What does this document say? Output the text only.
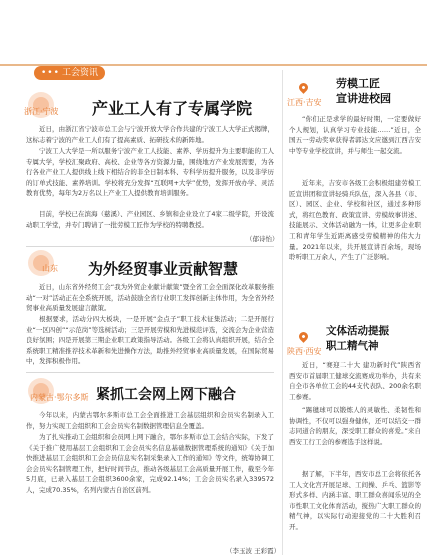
••• 工会资讯
浙江·宁波 产业工人有了专属学院
近日，由浙江省宁波市总工会与宁波开放大学合作共建的宁波工人大学正式揭牌，这标志着宁波的产业工人们有了提高素质、拓研技术的新阵地。
宁波工人大学是一所以服务宁波产业工人技能、素养、学历提升为主要职能的工人专属大学，学校汇聚政府、高校、企业等各方资源力量，围绕地方产业发展需要，为各行各业产业工人提供线上线下相结合的非全日制本科、专科学历提升服务，以及非学历的订单式技能、素养培训。学校将充分发挥“互联网+大学”优势，发挥开放办学、灵活教育优势，每年为2万名以上产业工人提供教育培训服务。
目前，学校已在滨海（慈溪）、产业园区、乡镇和企业设立了4家二级学院，开设流动职工学堂，并专门聘请了一批劳模工匠作为学校的特聘教授。
（郁诗怡）
山东 为外经贸事业贡献智慧
近日，山东省外经贸工会“我为外贸企业献计献策”暨全省工会全面深化改革服务推动“一对”活动正在全系统开展，活动鼓励全省行业职工发挥创新主体作用，为全省外经贸事业高质量发展建言献策。
根据要求，活动分四大板块，一是开展“金点子”职工技术征集活动；二是开展行业“一区四创”“示范岗”等选树活动；三是开展劳模和先进模范评选，交流会为企业营造良好氛围；四是开展第三期企业职工政策指导活动。各级工会将认真组织开展，结合全系统职工精准推荐技术革新和先进操作方法，助推外经贸事业高质量发展，在国际贸易中，发挥积极作用。
内蒙古·鄂尔多斯 紧抓工会网上网下融合
今年以来，内蒙古鄂尔多斯市总工会全面推进工会基层组织和会员实名制录入工作，努力实现工会组织和工会会员实名制数据管理信息全覆盖。
为了扎实推动工会组织和会员网上网下融合，鄂尔多斯市总工会结合实际，下发了《关于推广使用基层工会组织和工会会员实名信息基础数据管理系统的通知》《关于加快推进基层工会组织和工会会员信息实名制采集录入工作的通知》等文件，统筹协调工会会员实名制管理工作，把好时间节点，推动各级基层工会高质量开展工作，截至今年5月底，已录入基层工会组织3600余家，完成92.14%；工会会员实名录入339572人，完成70.35%，名列内蒙古自治区前列。
（李玉波 王彩霞）
江西·吉安
劳模工匠
宣讲进校园
“你们正是求学的最好时期，一定要做好个人规划，认真学习专业技能……”近日，全国五一劳动奖章获得者郭达文应邀到江西吉安中等专业学校宣讲，并与师生一起交流。
近年来，吉安市各级工会积极组建劳模工匠宣讲团和宣讲轻骑兵队伍，深入各县（市、区）、园区、企业、学校和社区，通过多种形式，将红色教育、政策宣讲、劳模故事讲述、技能展示、文体活动融为一体，让更多企业职工和青年学生近距离感受劳模精神的伟大力量。2021年以来，共开展宣讲百余场，现场聆听职工万余人，产生了广泛影响。
陕西·西安
文体活动提振
职工精气神
近日，“赛迎二十大 建功新时代”陕西省西安市首届职工健球交流赛成功举办，共有来自全市各单位工会的44支代表队、200余名职工参赛。
“踢毽球可以锻炼人的灵敏性、柔韧性和协调性，不仅可以强身健体，还可以结交一群志同道合的朋友，深受职工群众的喜爱。”来自西安工行工会的参赛选手这样说。
据了解，下半年，西安市总工会将依托各工人文化宫开展足球、工间操、乒乓、篮影等形式多样、内涵丰富、职工群众喜闻乐见的全市性职工文化体育活动，搅热广大职工群众的精气神，以实际行动迎接党的二十大胜利召开。
